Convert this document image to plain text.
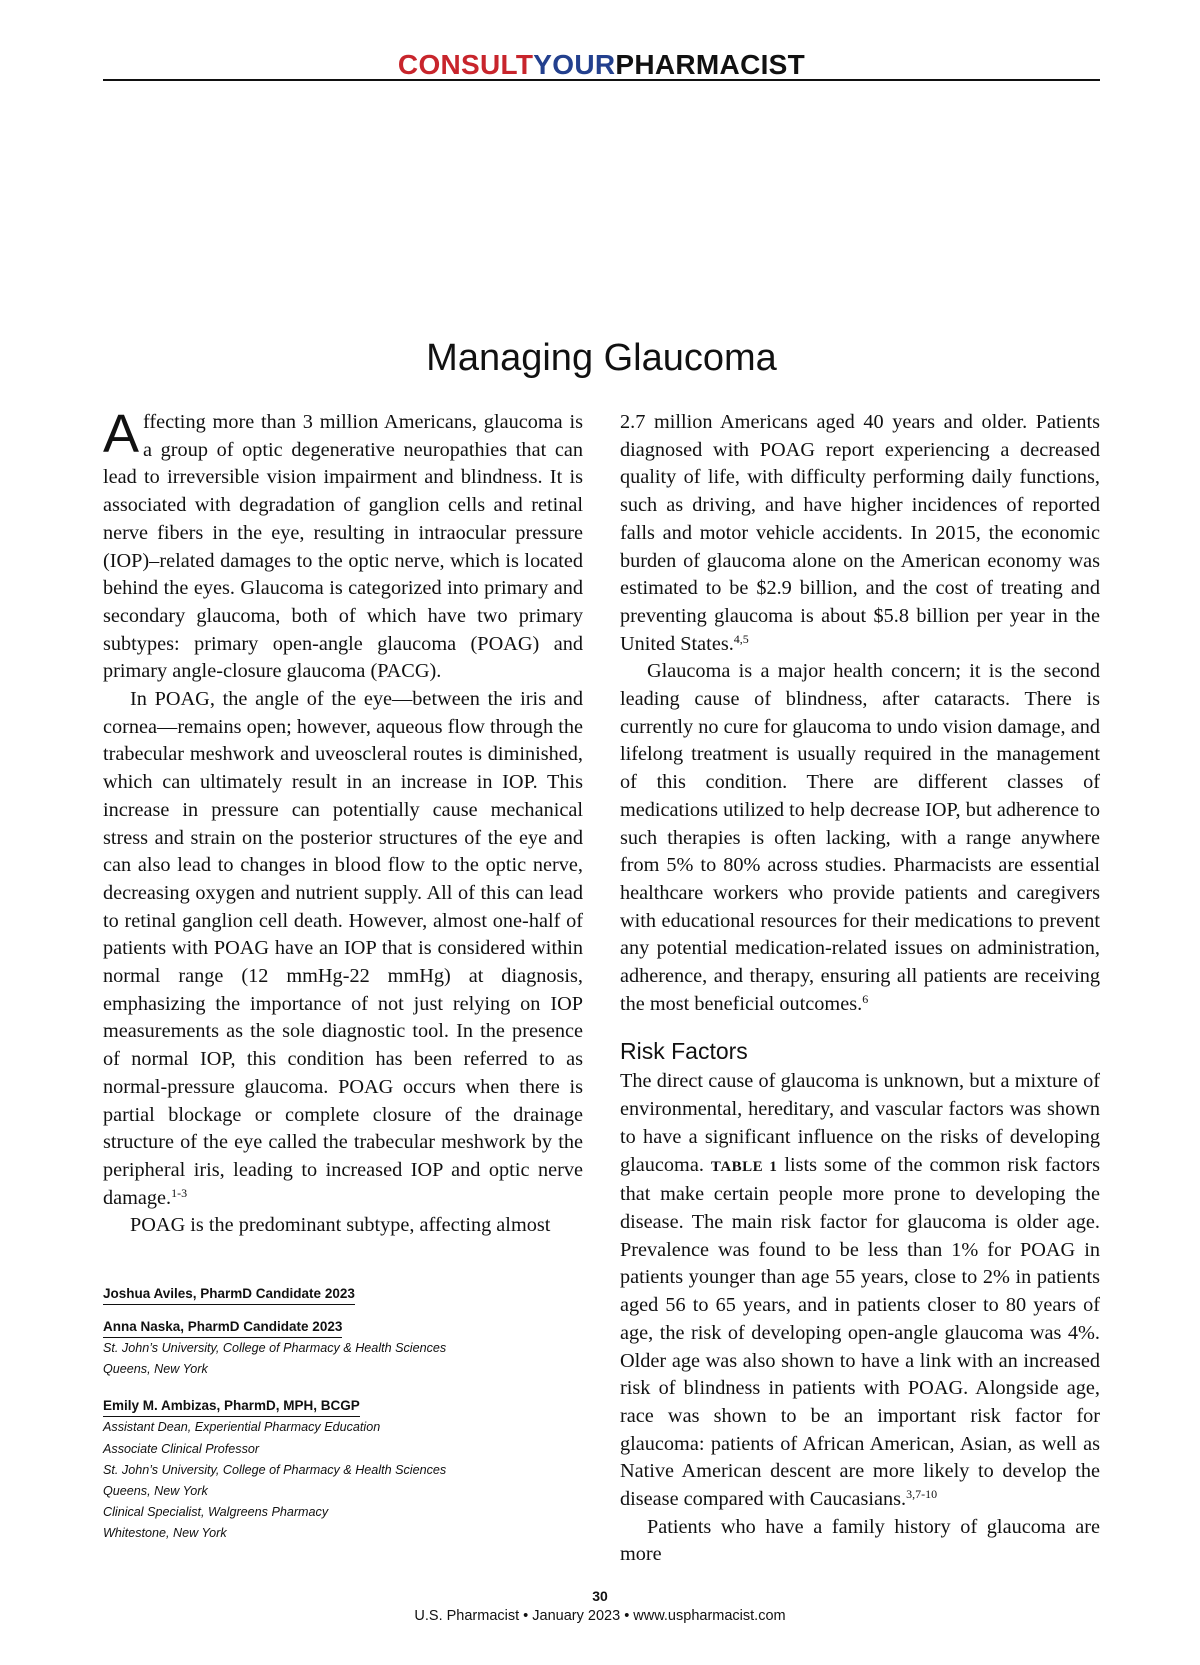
CONSULTYOURPHARMACIST
Managing Glaucoma

Affecting more than 3 million Americans, glaucoma is a group of optic degenerative neuropathies that can lead to irreversible vision impairment and blindness. It is associated with degradation of ganglion cells and retinal nerve fibers in the eye, resulting in intraocular pressure (IOP)–related damages to the optic nerve, which is located behind the eyes. Glaucoma is categorized into primary and secondary glaucoma, both of which have two primary subtypes: primary open-angle glaucoma (POAG) and primary angle-closure glaucoma (PACG).

In POAG, the angle of the eye—between the iris and cornea—remains open; however, aqueous flow through the trabecular meshwork and uveoscleral routes is diminished, which can ultimately result in an increase in IOP. This increase in pressure can potentially cause mechanical stress and strain on the posterior structures of the eye and can also lead to changes in blood flow to the optic nerve, decreasing oxygen and nutrient supply. All of this can lead to retinal ganglion cell death. However, almost one-half of patients with POAG have an IOP that is considered within normal range (12 mmHg-22 mmHg) at diagnosis, emphasizing the importance of not just relying on IOP measurements as the sole diagnostic tool. In the presence of normal IOP, this condition has been referred to as normal-pressure glaucoma. POAG occurs when there is partial blockage or complete closure of the drainage structure of the eye called the trabecular meshwork by the peripheral iris, leading to increased IOP and optic nerve damage.$^{1-3}$

POAG is the predominant subtype, affecting almost

2.7 million Americans aged 40 years and older. Patients diagnosed with POAG report experiencing a decreased quality of life, with difficulty performing daily functions, such as driving, and have higher incidences of reported falls and motor vehicle accidents. In 2015, the economic burden of glaucoma alone on the American economy was estimated to be $2.9 billion, and the cost of treating and preventing glaucoma is about $5.8 billion per year in the United States.$^{4,5}$

Glaucoma is a major health concern; it is the second leading cause of blindness, after cataracts. There is currently no cure for glaucoma to undo vision damage, and lifelong treatment is usually required in the management of this condition. There are different classes of medications utilized to help decrease IOP, but adherence to such therapies is often lacking, with a range anywhere from 5% to 80% across studies. Pharmacists are essential healthcare workers who provide patients and caregivers with educational resources for their medications to prevent any potential medication-related issues on administration, adherence, and therapy, ensuring all patients are receiving the most beneficial outcomes.$^6$

Risk Factors

The direct cause of glaucoma is unknown, but a mixture of environmental, hereditary, and vascular factors was shown to have a significant influence on the risks of developing glaucoma. TABLE 1 lists some of the common risk factors that make certain people more prone to developing the disease. The main risk factor for glaucoma is older age. Prevalence was found to be less than 1% for POAG in patients younger than age 55 years, close to 2% in patients aged 56 to 65 years, and in patients closer to 80 years of age, the risk of developing open-angle glaucoma was 4%. Older age was also shown to have a link with an increased risk of blindness in patients with POAG. Alongside age, race was shown to be an important risk factor for glaucoma: patients of African American, Asian, as well as Native American descent are more likely to develop the disease compared with Caucasians.$^{3,7-10}$

Patients who have a family history of glaucoma are more

Joshua Aviles, PharmD Candidate 2023
Anna Naska, PharmD Candidate 2023
St. John’s University, College of Pharmacy & Health Sciences
Queens, New York
Emily M. Ambizas, PharmD, MPH, BCGP
Assistant Dean, Experiential Pharmacy Education
Associate Clinical Professor
St. John’s University, College of Pharmacy & Health Sciences
Queens, New York
Clinical Specialist, Walgreens Pharmacy
Whitestone, New York
30
U.S. Pharmacist • January 2023 • www.uspharmacist.com
